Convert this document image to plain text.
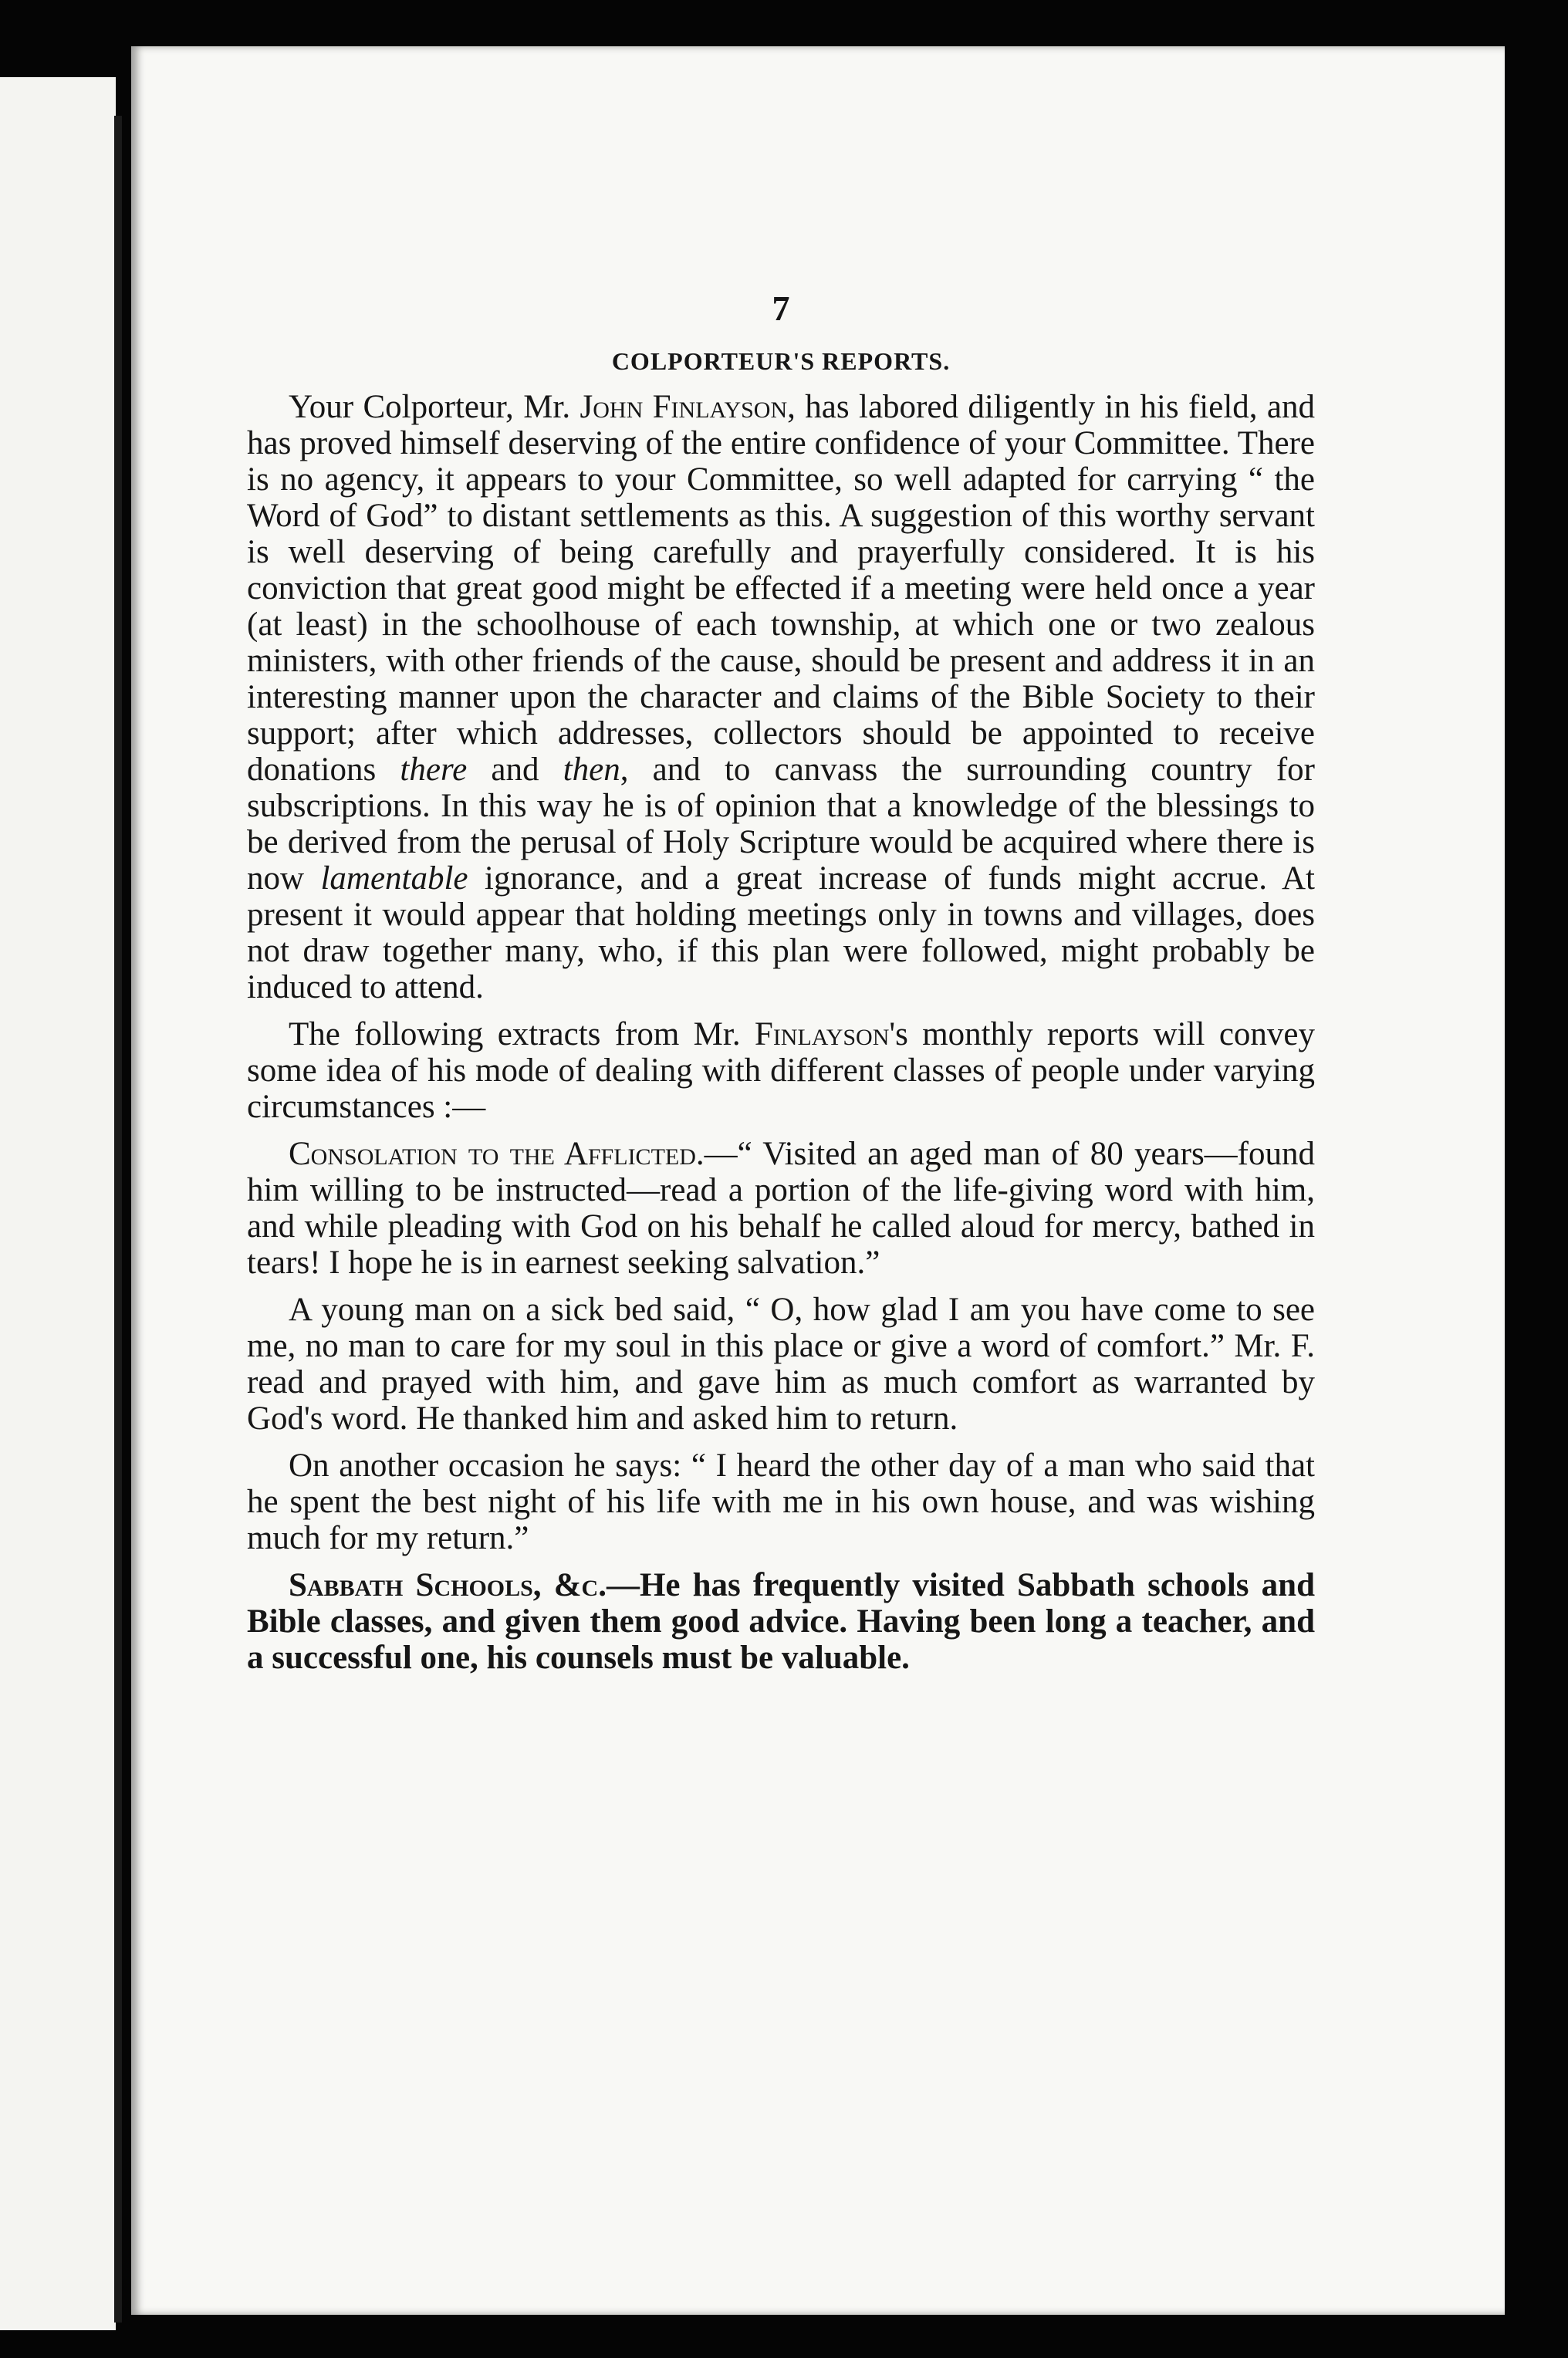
7
COLPORTEUR'S REPORTS.

Your Colporteur, Mr. John Finlayson, has labored diligently in his field, and has proved himself deserving of the entire confidence of your Committee. There is no agency, it appears to your Committee, so well adapted for carrying “ the Word of God” to distant settlements as this. A suggestion of this worthy servant is well deserving of being carefully and prayerfully considered. It is his conviction that great good might be effected if a meeting were held once a year (at least) in the schoolhouse of each township, at which one or two zealous ministers, with other friends of the cause, should be present and address it in an interesting manner upon the character and claims of the Bible Society to their support; after which addresses, collectors should be appointed to receive donations there and then, and to canvass the surrounding country for subscriptions. In this way he is of opinion that a knowledge of the blessings to be derived from the perusal of Holy Scripture would be acquired where there is now lamentable ignorance, and a great increase of funds might accrue. At present it would appear that holding meetings only in towns and villages, does not draw together many, who, if this plan were followed, might probably be induced to attend.

The following extracts from Mr. Finlayson's monthly reports will convey some idea of his mode of dealing with different classes of people under varying circumstances :—

Consolation to the Afflicted.—“ Visited an aged man of 80 years—found him willing to be instructed—read a portion of the life-giving word with him, and while pleading with God on his behalf he called aloud for mercy, bathed in tears! I hope he is in earnest seeking salvation.”

A young man on a sick bed said, “ O, how glad I am you have come to see me, no man to care for my soul in this place or give a word of comfort.” Mr. F. read and prayed with him, and gave him as much comfort as warranted by God's word. He thanked him and asked him to return.

On another occasion he says: “ I heard the other day of a man who said that he spent the best night of his life with me in his own house, and was wishing much for my return.”

Sabbath Schools, &c.—He has frequently visited Sabbath schools and Bible classes, and given them good advice. Having been long a teacher, and a successful one, his counsels must be valuable.
